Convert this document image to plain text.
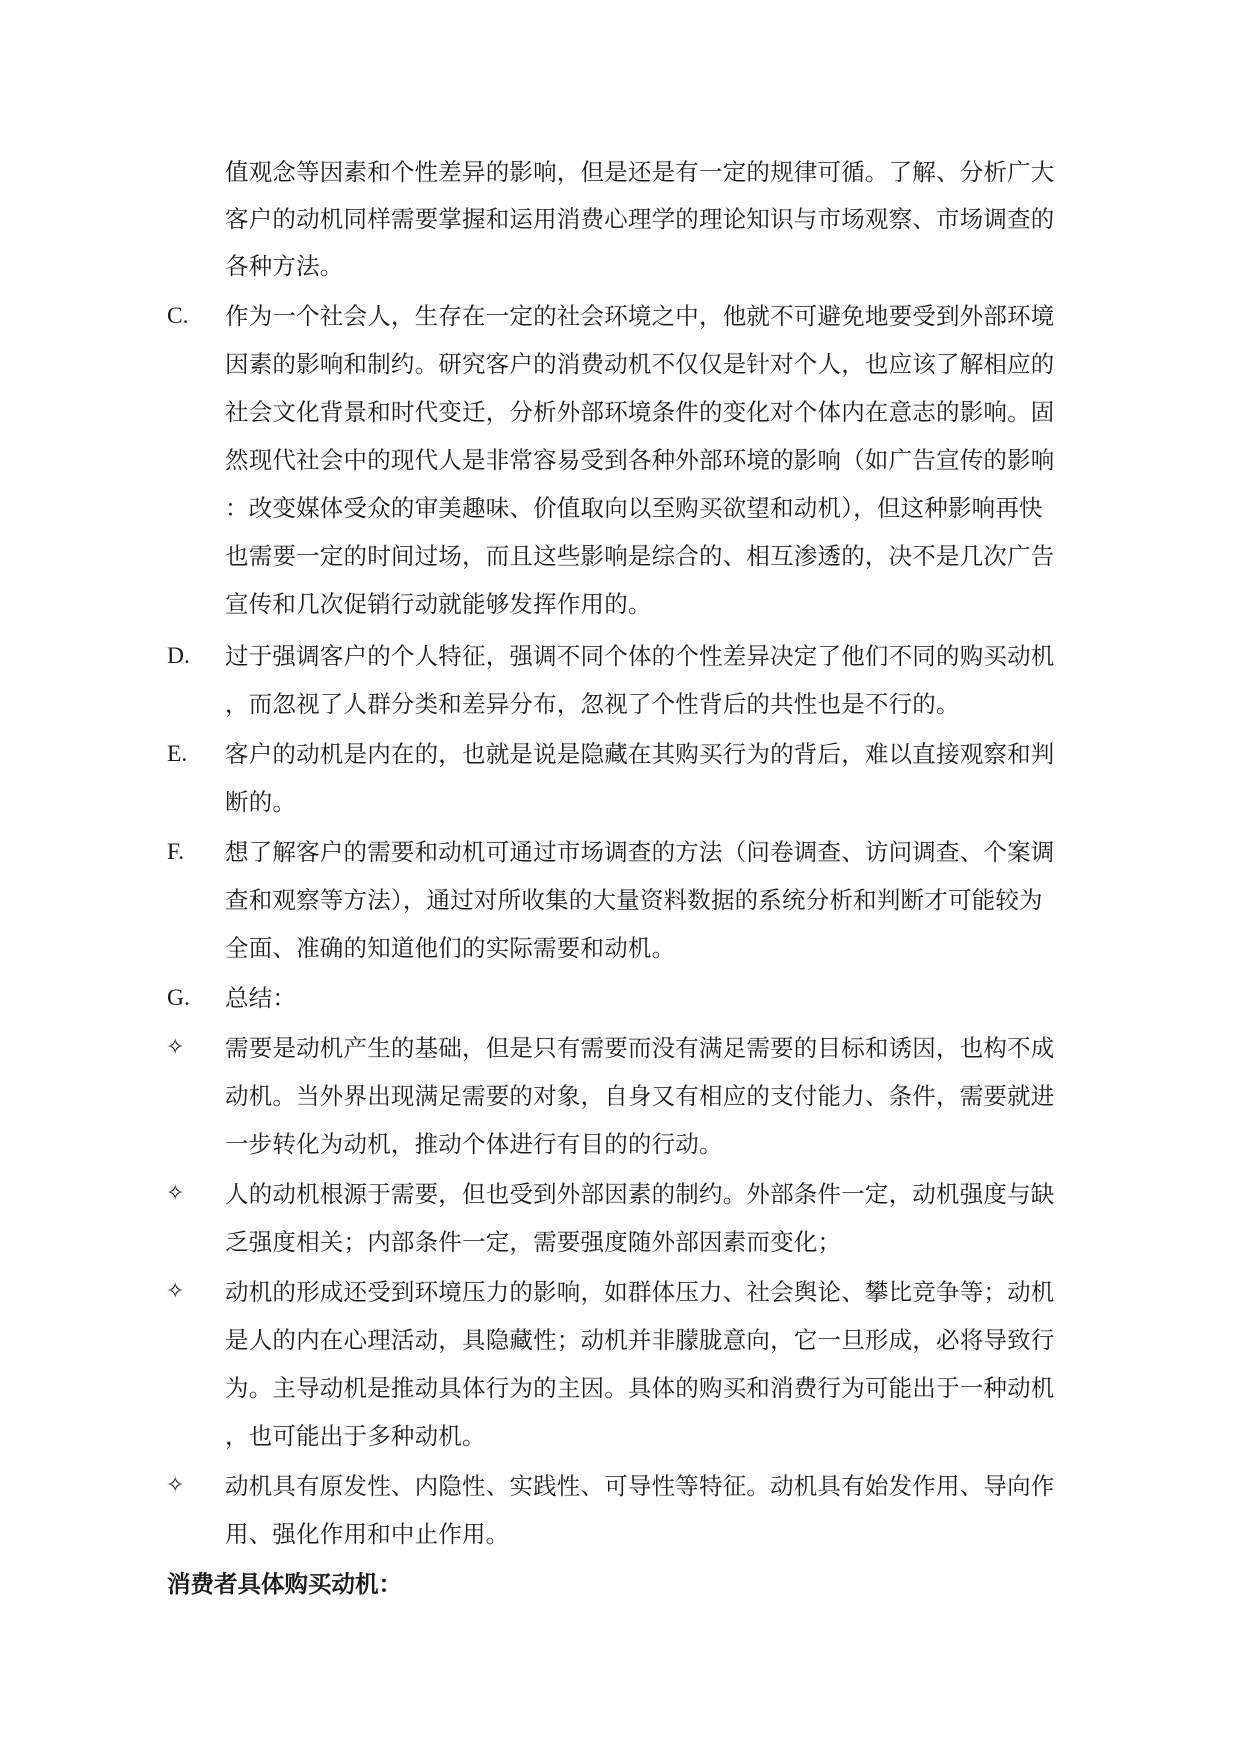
值观念等因素和个性差异的影响，但是还是有一定的规律可循。了解、分析广大
客户的动机同样需要掌握和运用消费心理学的理论知识与市场观察、市场调查的
各种方法。
C. 作为一个社会人，生存在一定的社会环境之中，他就不可避免地要受到外部环境
因素的影响和制约。研究客户的消费动机不仅仅是针对个人，也应该了解相应的
社会文化背景和时代变迁，分析外部环境条件的变化对个体内在意志的影响。固
然现代社会中的现代人是非常容易受到各种外部环境的影响（如广告宣传的影响
：改变媒体受众的审美趣味、价值取向以至购买欲望和动机），但这种影响再快
也需要一定的时间过场，而且这些影响是综合的、相互渗透的，决不是几次广告
宣传和几次促销行动就能够发挥作用的。
D. 过于强调客户的个人特征，强调不同个体的个性差异决定了他们不同的购买动机
，而忽视了人群分类和差异分布，忽视了个性背后的共性也是不行的。
E. 客户的动机是内在的，也就是说是隐藏在其购买行为的背后，难以直接观察和判
断的。
F. 想了解客户的需要和动机可通过市场调查的方法（问卷调查、访问调查、个案调
查和观察等方法），通过对所收集的大量资料数据的系统分析和判断才可能较为
全面、准确的知道他们的实际需要和动机。
G. 总结：
✧ 需要是动机产生的基础，但是只有需要而没有满足需要的目标和诱因，也构不成
动机。当外界出现满足需要的对象，自身又有相应的支付能力、条件，需要就进
一步转化为动机，推动个体进行有目的的行动。
✧ 人的动机根源于需要，但也受到外部因素的制约。外部条件一定，动机强度与缺
乏强度相关；内部条件一定，需要强度随外部因素而变化；
✧ 动机的形成还受到环境压力的影响，如群体压力、社会舆论、攀比竞争等；动机
是人的内在心理活动，具隐藏性；动机并非朦胧意向，它一旦形成，必将导致行
为。主导动机是推动具体行为的主因。具体的购买和消费行为可能出于一种动机
，也可能出于多种动机。
✧ 动机具有原发性、内隐性、实践性、可导性等特征。动机具有始发作用、导向作
用、强化作用和中止作用。
消费者具体购买动机：
